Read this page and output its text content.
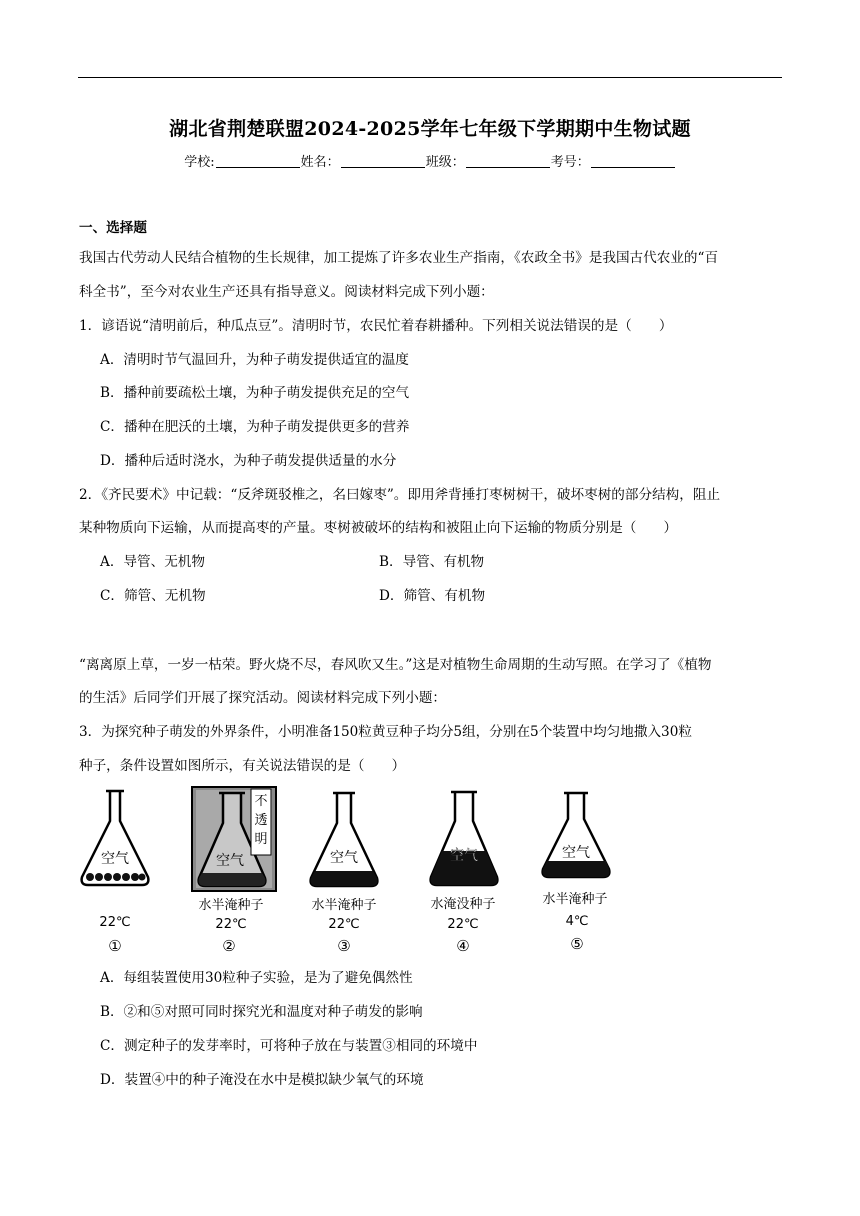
湖北省荆楚联盟2024-2025学年七年级下学期期中生物试题
学校:	姓名：	班级：	考号：
一、选择题
我国古代劳动人民结合植物的生长规律，加工提炼了许多农业生产指南，《农政全书》是我国古代农业的“百
科全书”，至今对农业生产还具有指导意义。阅读材料完成下列小题：
1．谚语说“清明前后，种瓜点豆”。清明时节，农民忙着春耕播种。下列相关说法错误的是（　　）
A．清明时节气温回升，为种子萌发提供适宜的温度
B．播种前要疏松土壤，为种子萌发提供充足的空气
C．播种在肥沃的土壤，为种子萌发提供更多的营养
D．播种后适时浇水，为种子萌发提供适量的水分
2．《齐民要术》中记载：“反斧斑驳椎之，名曰嫁枣”。即用斧背捶打枣树树干，破坏枣树的部分结构，阻止
某种物质向下运输，从而提高枣的产量。枣树被破坏的结构和被阻止向下运输的物质分别是（　　）
A．导管、无机物	B．导管、有机物
C．筛管、无机物	D．筛管、有机物
“离离原上草，一岁一枯荣。野火烧不尽，春风吹又生。”这是对植物生命周期的生动写照。在学习了《植物
的生活》后同学们开展了探究活动。阅读材料完成下列小题：
3．为探究种子萌发的外界条件，小明准备150粒黄豆种子均分5组，分别在5个装置中均匀地撒入30粒
种子，条件设置如图所示，有关说法错误的是（　　）
空气
22℃
①
不
透
明
空气
水半淹种子
22℃
②
空气
水半淹种子
22℃
③
空气
水淹没种子
22℃
④
空气
水半淹种子
4℃
⑤
A．每组装置使用30粒种子实验，是为了避免偶然性
B．②和⑤对照可同时探究光和温度对种子萌发的影响
C．测定种子的发芽率时，可将种子放在与装置③相同的环境中
D．装置④中的种子淹没在水中是模拟缺少氧气的环境
